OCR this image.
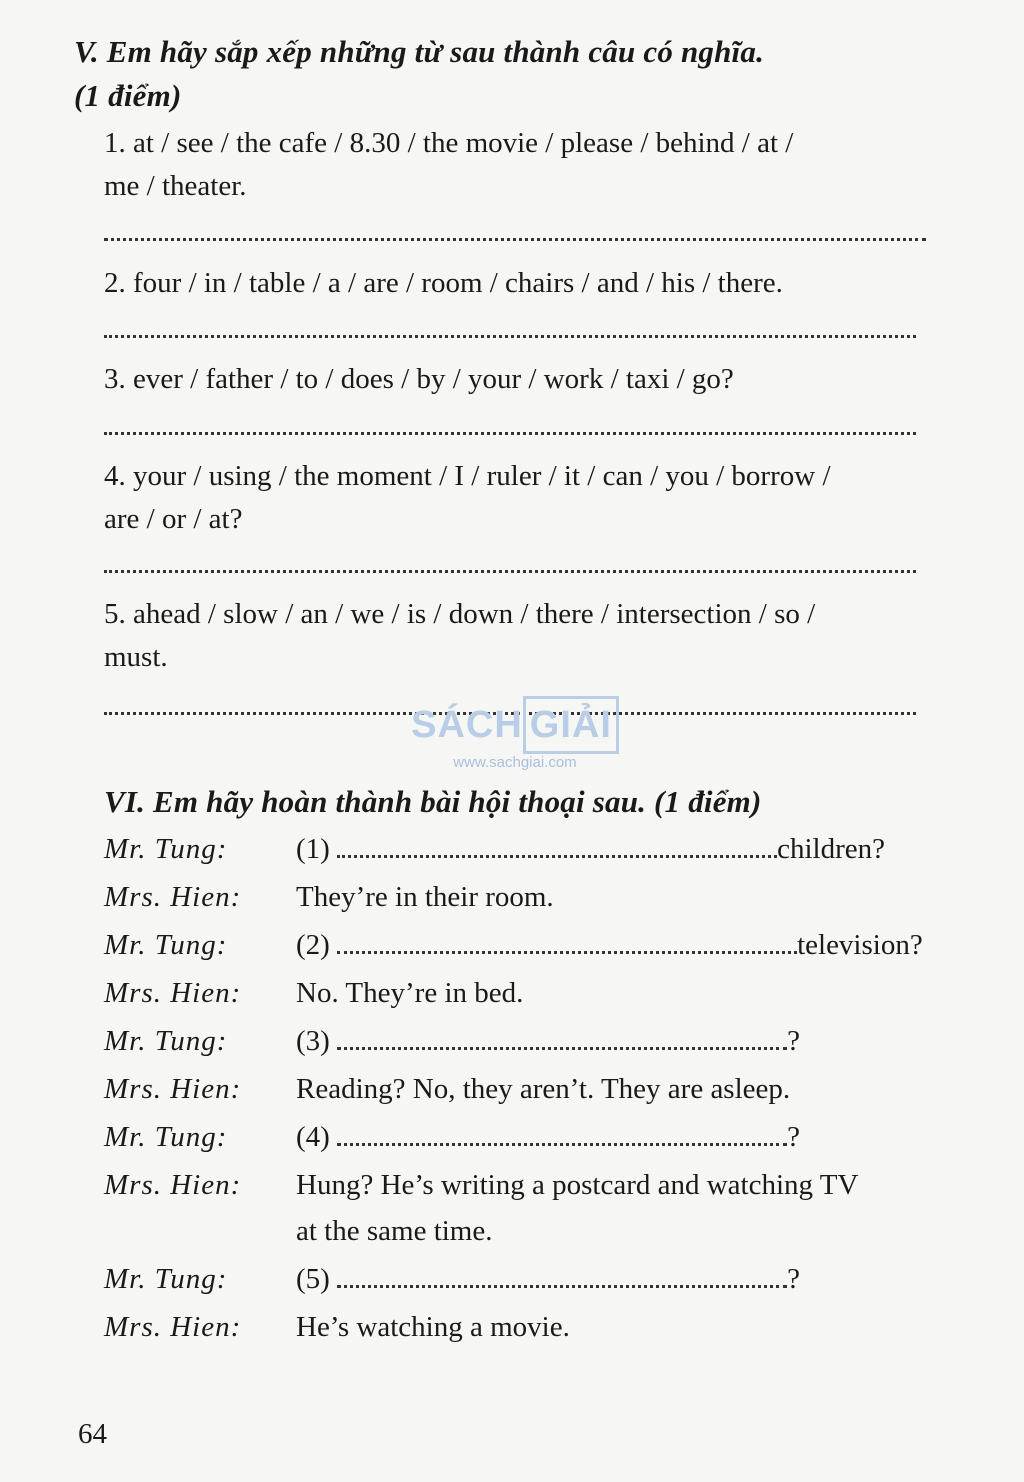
V. Em hãy sắp xếp những từ sau thành câu có nghĩa.
(1 điểm)
1. at / see / the cafe / 8.30 / the movie / please / behind / at /
me / theater.
2. four / in / table / a / are / room / chairs / and / his / there.
3. ever / father / to / does / by / your / work / taxi / go?
4. your / using / the moment / I / ruler / it / can / you / borrow /
are / or / at?
5. ahead / slow / an / we / is / down / there / intersection / so /
must.
SÁCH GIẢI
www.sachgiai.com
VI. Em hãy hoàn thành bài hội thoại sau. (1 điểm)
Mr. Tung:	(1)	children?
Mrs. Hien:	They’re in their room.
Mr. Tung:	(2)	television?
Mrs. Hien:	No. They’re in bed.
Mr. Tung:	(3)	?
Mrs. Hien:	Reading? No, they aren’t. They are asleep.
Mr. Tung:	(4)	?
Mrs. Hien:	Hung? He’s writing a postcard and watching TV
at the same time.
Mr. Tung:	(5)	?
Mrs. Hien:	He’s watching a movie.
64
